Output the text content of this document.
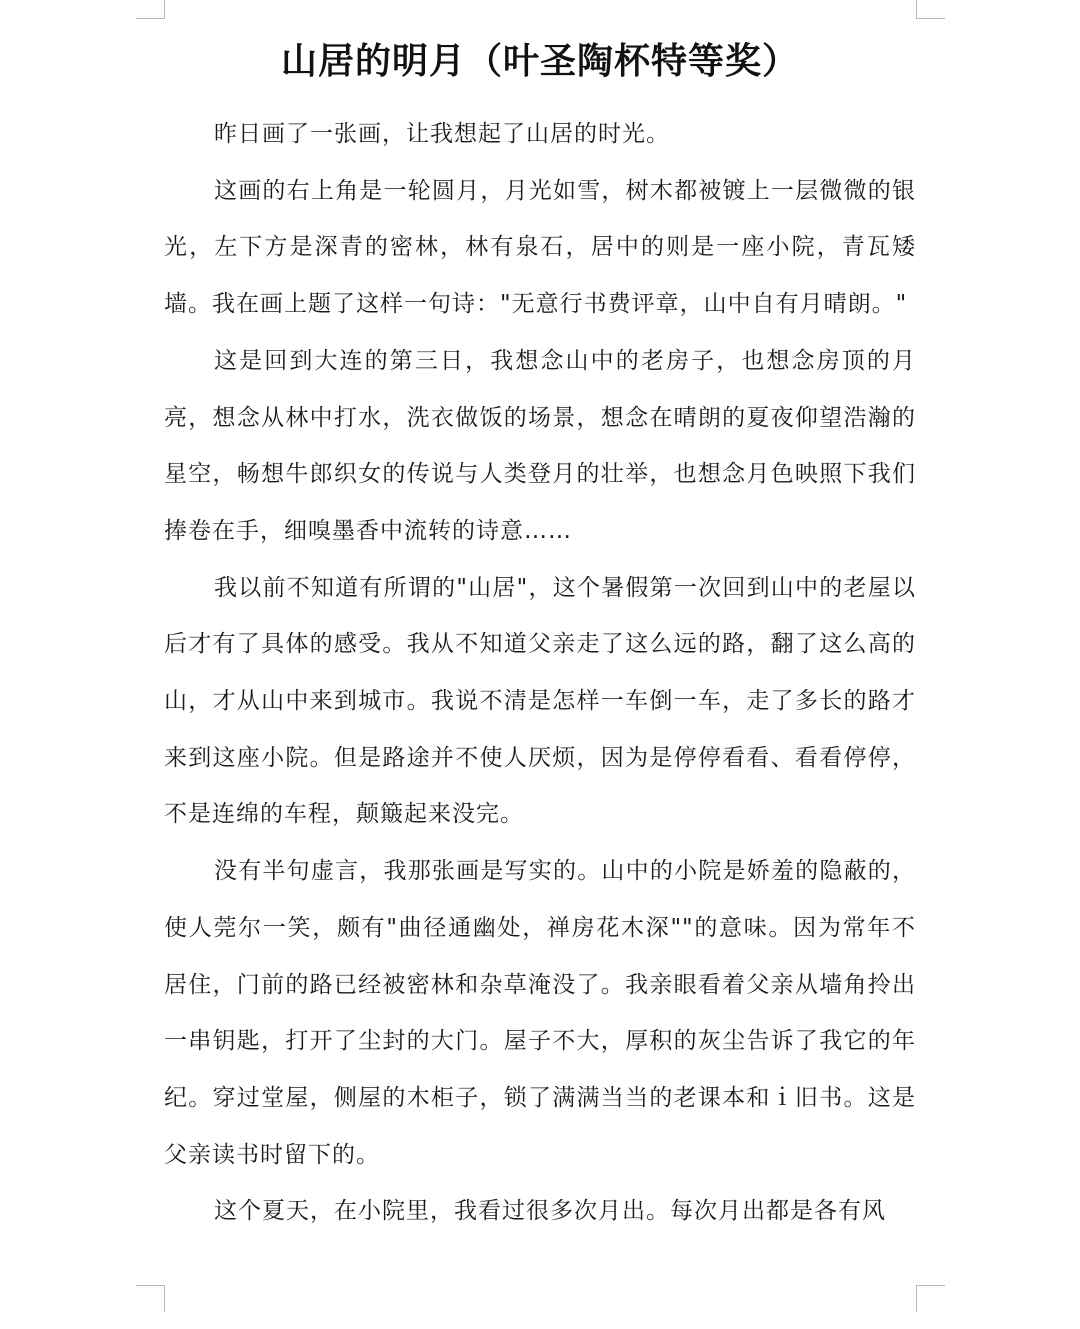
山居的明月（叶圣陶杯特等奖）

昨日画了一张画，让我想起了山居的时光。

这画的右上角是一轮圆月，月光如雪，树木都被镀上一层微微的银光，左下方是深青的密林，林有泉石，居中的则是一座小院，青瓦矮墙。我在画上题了这样一句诗："无意行书费评章，山中自有月晴朗。"

这是回到大连的第三日，我想念山中的老房子，也想念房顶的月亮，想念从林中打水，洗衣做饭的场景，想念在晴朗的夏夜仰望浩瀚的星空，畅想牛郎织女的传说与人类登月的壮举，也想念月色映照下我们捧卷在手，细嗅墨香中流转的诗意……

我以前不知道有所谓的"山居"，这个暑假第一次回到山中的老屋以后才有了具体的感受。我从不知道父亲走了这么远的路，翻了这么高的山，才从山中来到城市。我说不清是怎样一车倒一车，走了多长的路才来到这座小院。但是路途并不使人厌烦，因为是停停看看、看看停停，不是连绵的车程，颠簸起来没完。

没有半句虚言，我那张画是写实的。山中的小院是娇羞的隐蔽的，使人莞尔一笑，颇有"曲径通幽处，禅房花木深""的意味。因为常年不居住，门前的路已经被密林和杂草淹没了。我亲眼看着父亲从墙角拎出一串钥匙，打开了尘封的大门。屋子不大，厚积的灰尘告诉了我它的年纪。穿过堂屋，侧屋的木柜子，锁了满满当当的老课本和ｉ旧书。这是父亲读书时留下的。

这个夏天，在小院里，我看过很多次月出。每次月出都是各有风
